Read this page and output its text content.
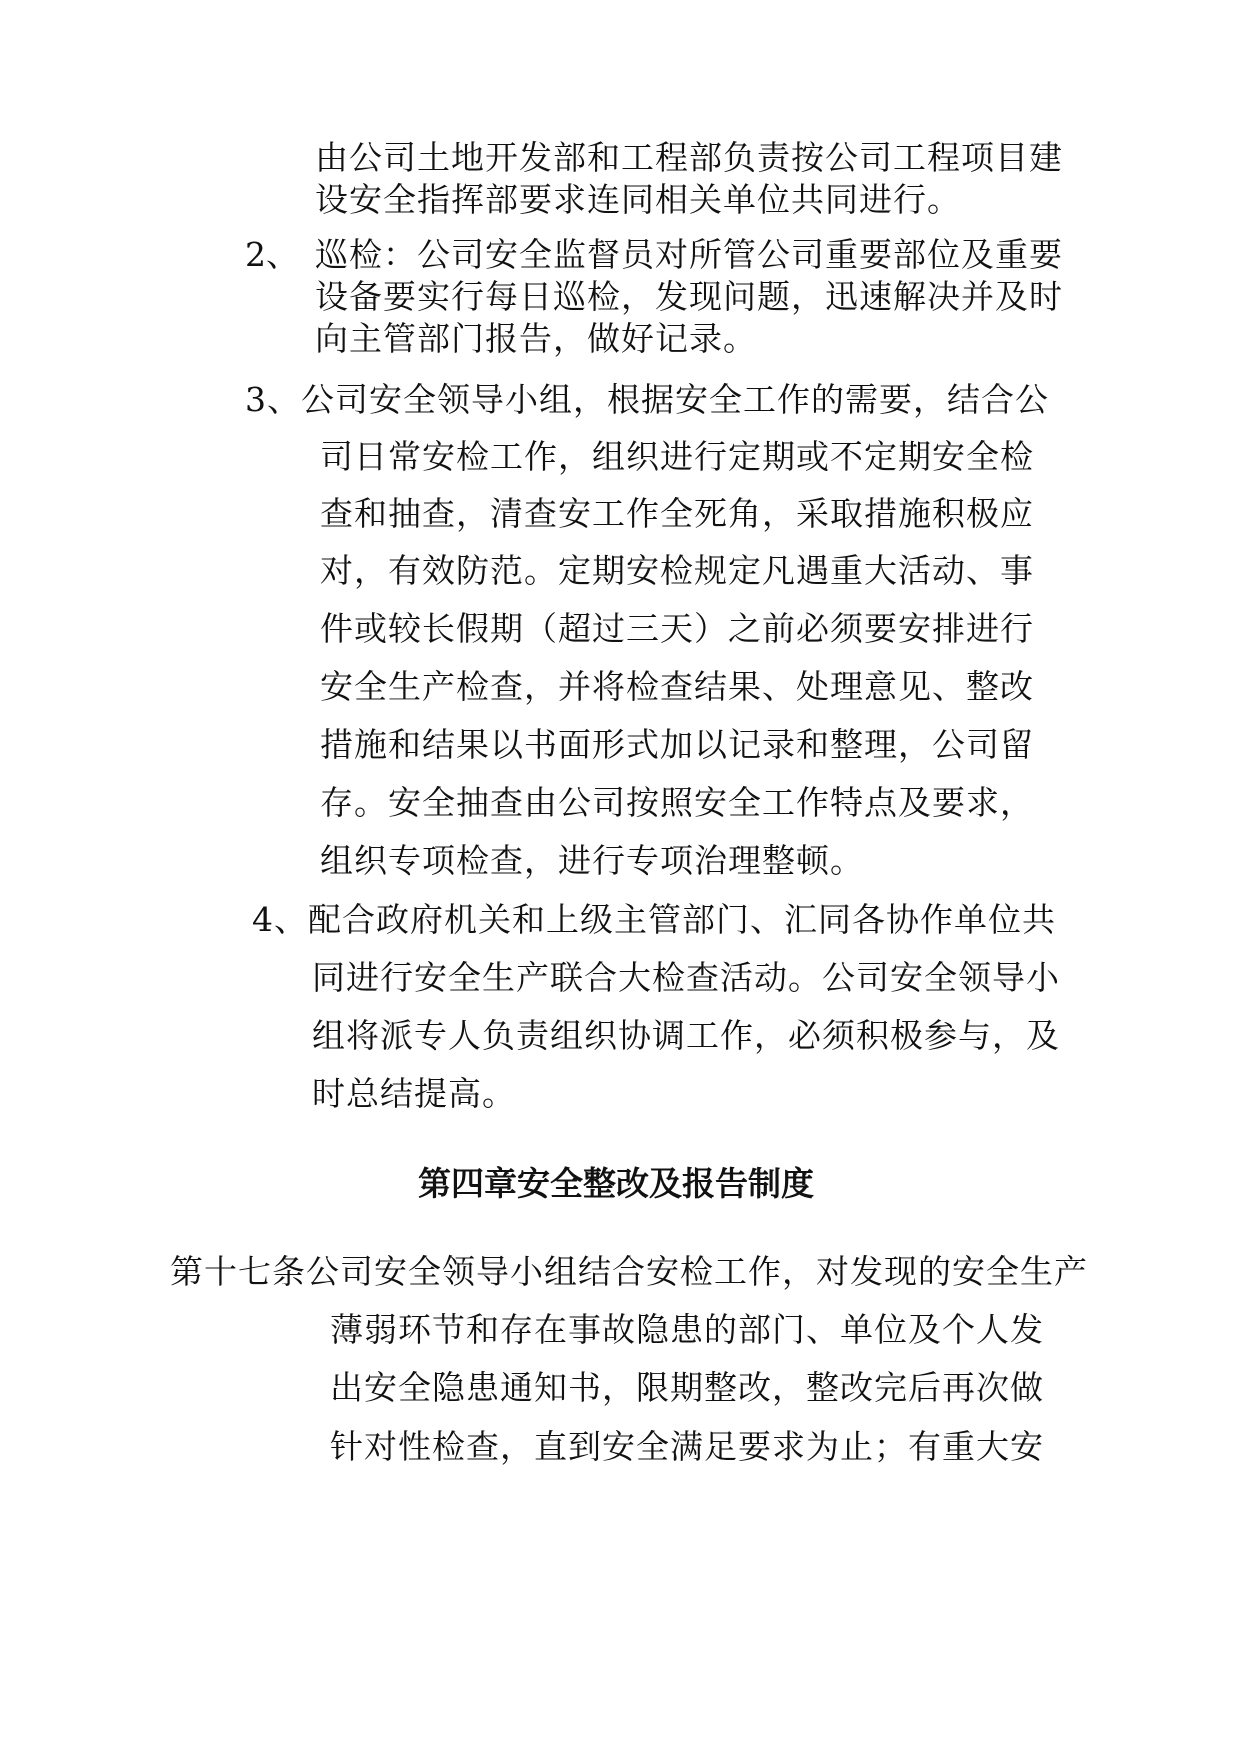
由公司土地开发部和工程部负责按公司工程项目建
设安全指挥部要求连同相关单位共同进行。
2、 巡检：公司安全监督员对所管公司重要部位及重要
设备要实行每日巡检，发现问题，迅速解决并及时
向主管部门报告，做好记录。
3、公司安全领导小组，根据安全工作的需要，结合公
司日常安检工作，组织进行定期或不定期安全检
查和抽查，清查安工作全死角，采取措施积极应
对，有效防范。定期安检规定凡遇重大活动、事
件或较长假期（超过三天）之前必须要安排进行
安全生产检查，并将检查结果、处理意见、整改
措施和结果以书面形式加以记录和整理，公司留
存。安全抽查由公司按照安全工作特点及要求，
组织专项检查，进行专项治理整顿。
4、配合政府机关和上级主管部门、汇同各协作单位共
同进行安全生产联合大检查活动。公司安全领导小
组将派专人负责组织协调工作，必须积极参与，及
时总结提高。
第四章安全整改及报告制度
第十七条公司安全领导小组结合安检工作，对发现的安全生产
薄弱环节和存在事故隐患的部门、单位及个人发
出安全隐患通知书，限期整改，整改完后再次做
针对性检查，直到安全满足要求为止；有重大安
